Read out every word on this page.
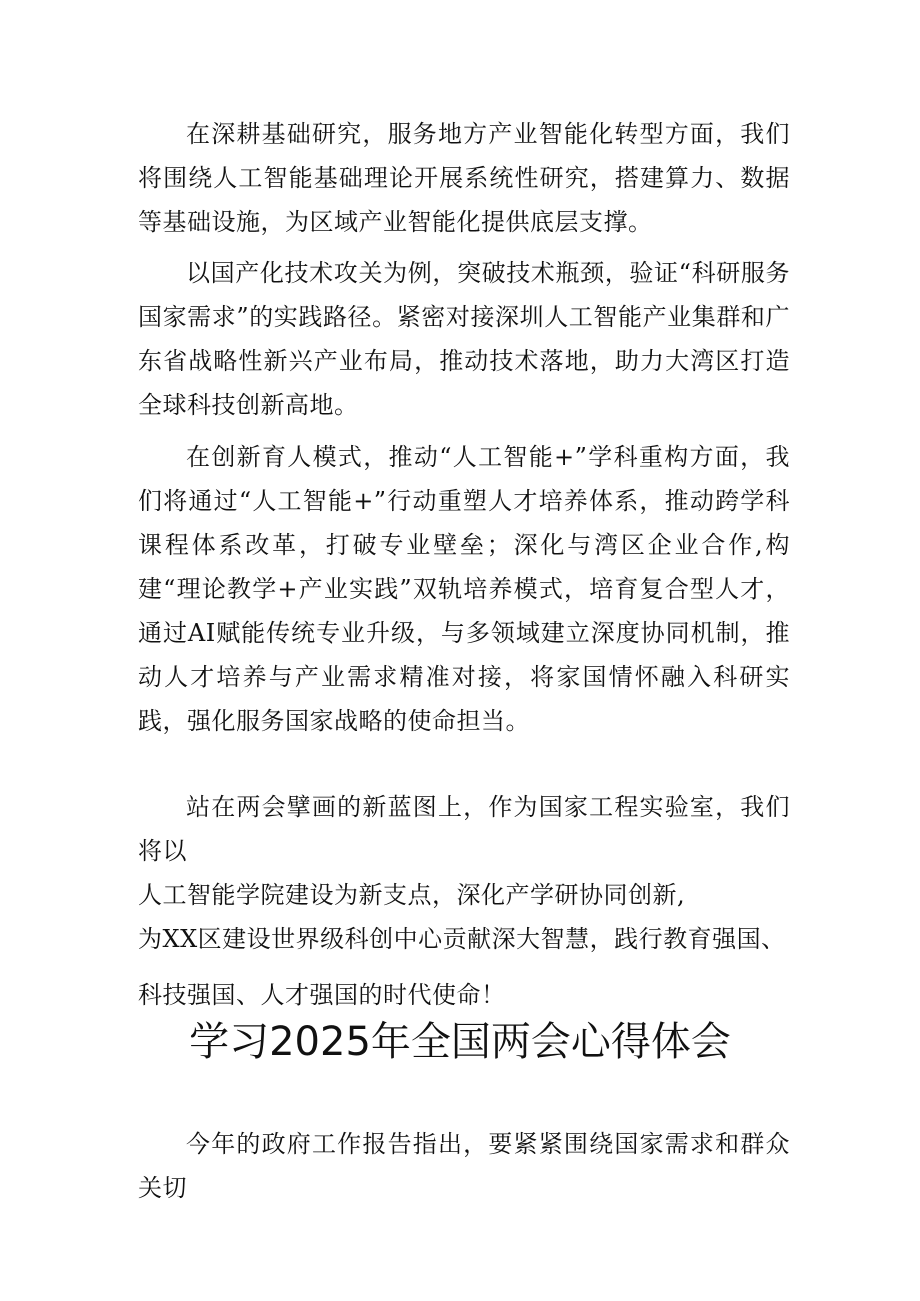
在深耕基础研究，服务地方产业智能化转型方面，我们将围绕人工智能基础理论开展系统性研究，搭建算力、数据等基础设施，为区域产业智能化提供底层支撑。

以国产化技术攻关为例，突破技术瓶颈，验证“科研服务国家需求”的实践路径。紧密对接深圳人工智能产业集群和广东省战略性新兴产业布局，推动技术落地，助力大湾区打造全球科技创新高地。

在创新育人模式，推动“人工智能+”学科重构方面，我们将通过“人工智能+”行动重塑人才培养体系，推动跨学科课程体系改革，打破专业壁垒；深化与湾区企业合作,构建“理论教学+产业实践”双轨培养模式，培育复合型人才，通过AI赋能传统专业升级，与多领域建立深度协同机制，推动人才培养与产业需求精准对接，将家国情怀融入科研实践，强化服务国家战略的使命担当。

站在两会擘画的新蓝图上，作为国家工程实验室，我们将以
人工智能学院建设为新支点，深化产学研协同创新,
为XX区建设世界级科创中心贡献深大智慧，践行教育强国、
科技强国、人才强国的时代使命！
学习2025年全国两会心得体会

今年的政府工作报告指出，要紧紧围绕国家需求和群众关切
